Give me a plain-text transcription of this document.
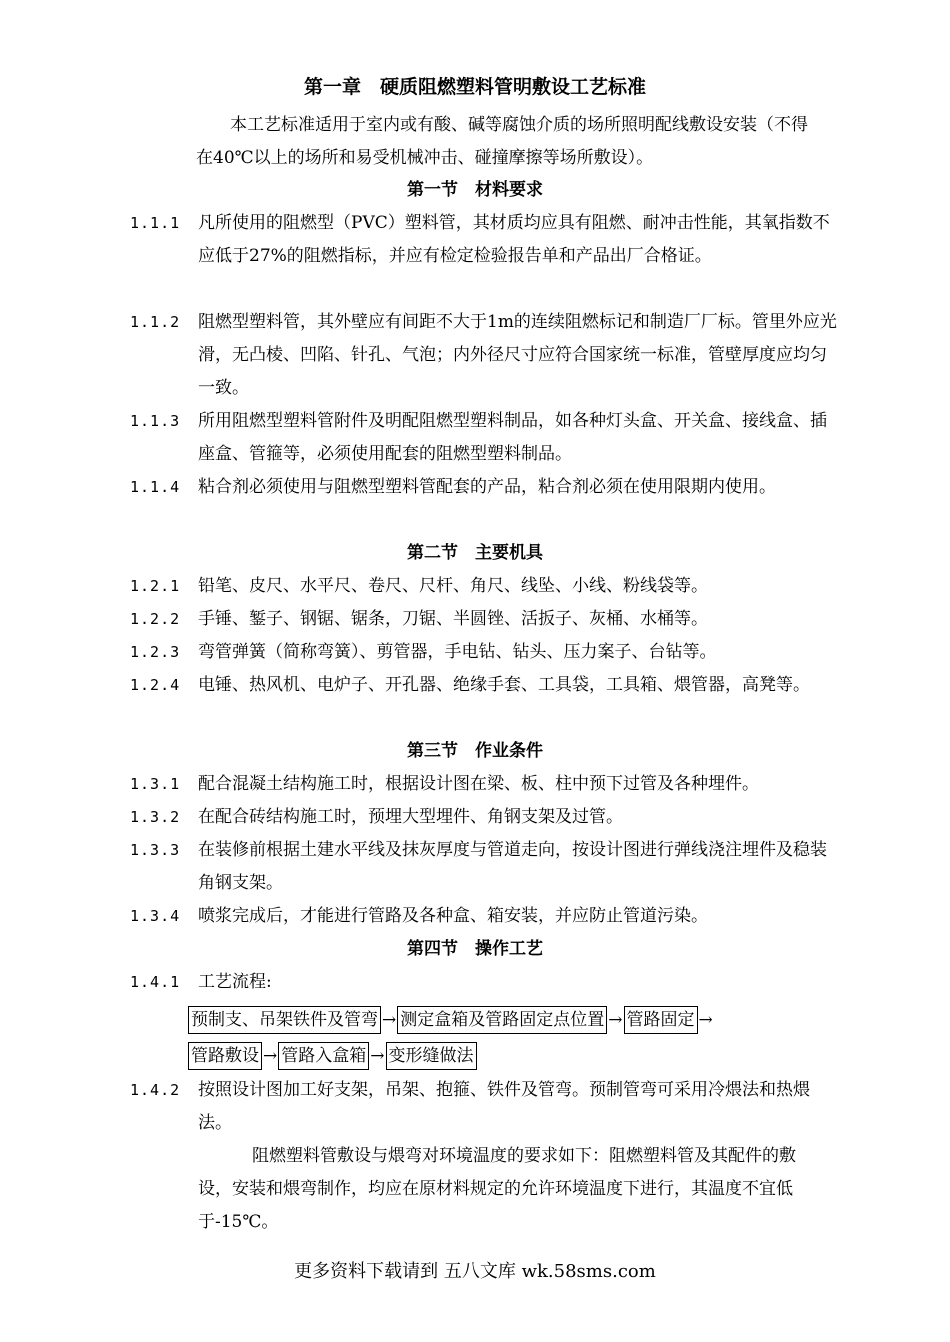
第一章　硬质阻燃塑料管明敷设工艺标准
本工艺标准适用于室内或有酸、碱等腐蚀介质的场所照明配线敷设安装（不得在40℃以上的场所和易受机械冲击、碰撞摩擦等场所敷设）。
第一节　材料要求
1.1.1	凡所使用的阻燃型（PVC）塑料管，其材质均应具有阻燃、耐冲击性能，其氧指数不应低于27%的阻燃指标，并应有检定检验报告单和产品出厂合格证。
1.1.2	阻燃型塑料管，其外壁应有间距不大于1m的连续阻燃标记和制造厂厂标。管里外应光滑，无凸棱、凹陷、针孔、气泡；内外径尺寸应符合国家统一标准，管壁厚度应均匀一致。
1.1.3	所用阻燃型塑料管附件及明配阻燃型塑料制品，如各种灯头盒、开关盒、接线盒、插座盒、管箍等，必须使用配套的阻燃型塑料制品。
1.1.4	粘合剂必须使用与阻燃型塑料管配套的产品，粘合剂必须在使用限期内使用。
第二节　主要机具
1.2.1	铅笔、皮尺、水平尺、卷尺、尺杆、角尺、线坠、小线、粉线袋等。
1.2.2	手锤、錾子、钢锯、锯条，刀锯、半圆锉、活扳子、灰桶、水桶等。
1.2.3	弯管弹簧（简称弯簧）、剪管器，手电钻、钻头、压力案子、台钻等。
1.2.4	电锤、热风机、电炉子、开孔器、绝缘手套、工具袋，工具箱、煨管器，高凳等。
第三节　作业条件
1.3.1	配合混凝土结构施工时，根据设计图在梁、板、柱中预下过管及各种埋件。
1.3.2	在配合砖结构施工时，预埋大型埋件、角钢支架及过管。
1.3.3	在装修前根据土建水平线及抹灰厚度与管道走向，按设计图进行弹线浇注埋件及稳装角钢支架。
1.3.4	喷浆完成后，才能进行管路及各种盒、箱安装，并应防止管道污染。
第四节　操作工艺
1.4.1	工艺流程:
预制支、吊架铁件及管弯 → 测定盒箱及管路固定点位置 → 管路固定 →
管路敷设 → 管路入盒箱 → 变形缝做法
1.4.2	按照设计图加工好支架，吊架、抱箍、铁件及管弯。预制管弯可采用冷煨法和热煨法。
阻燃塑料管敷设与煨弯对环境温度的要求如下：阻燃塑料管及其配件的敷设，安装和煨弯制作，均应在原材料规定的允许环境温度下进行，其温度不宜低于-15℃。
更多资料下载请到 五八文库 wk.58sms.com
